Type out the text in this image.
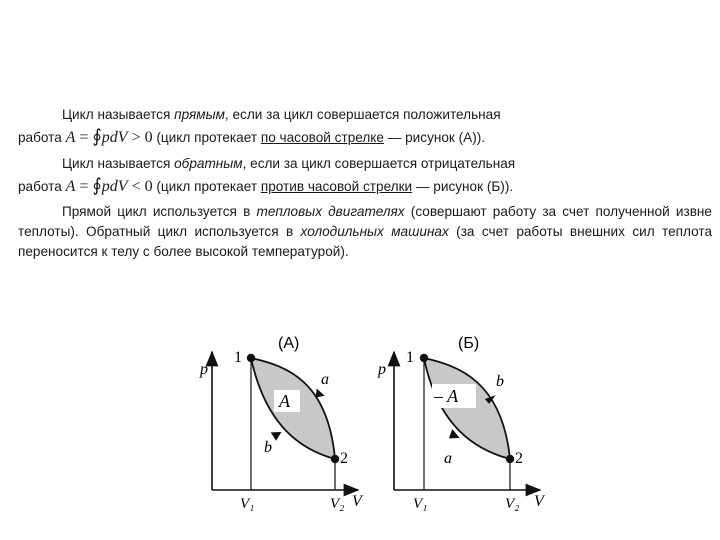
Цикл называется прямым, если за цикл совершается положительная
работа A = ∮pdV > 0 (цикл протекает по часовой стрелке — рисунок (А)).

Цикл называется обратным, если за цикл совершается отрицательная
работа A = ∮pdV < 0 (цикл протекает против часовой стрелки — рисунок (Б)).

Прямой цикл используется в тепловых двигателях (совершают работу за счет полученной извне теплоты). Обратный цикл используется в холодильных машинах (за счет работы внешних сил теплота переносится к телу с более высокой температурой).

(А)
p
V
1
2
V₁	V₂
a
b
A
(Б)
p
V
1
2
V₁	V₂
b
a
– A
